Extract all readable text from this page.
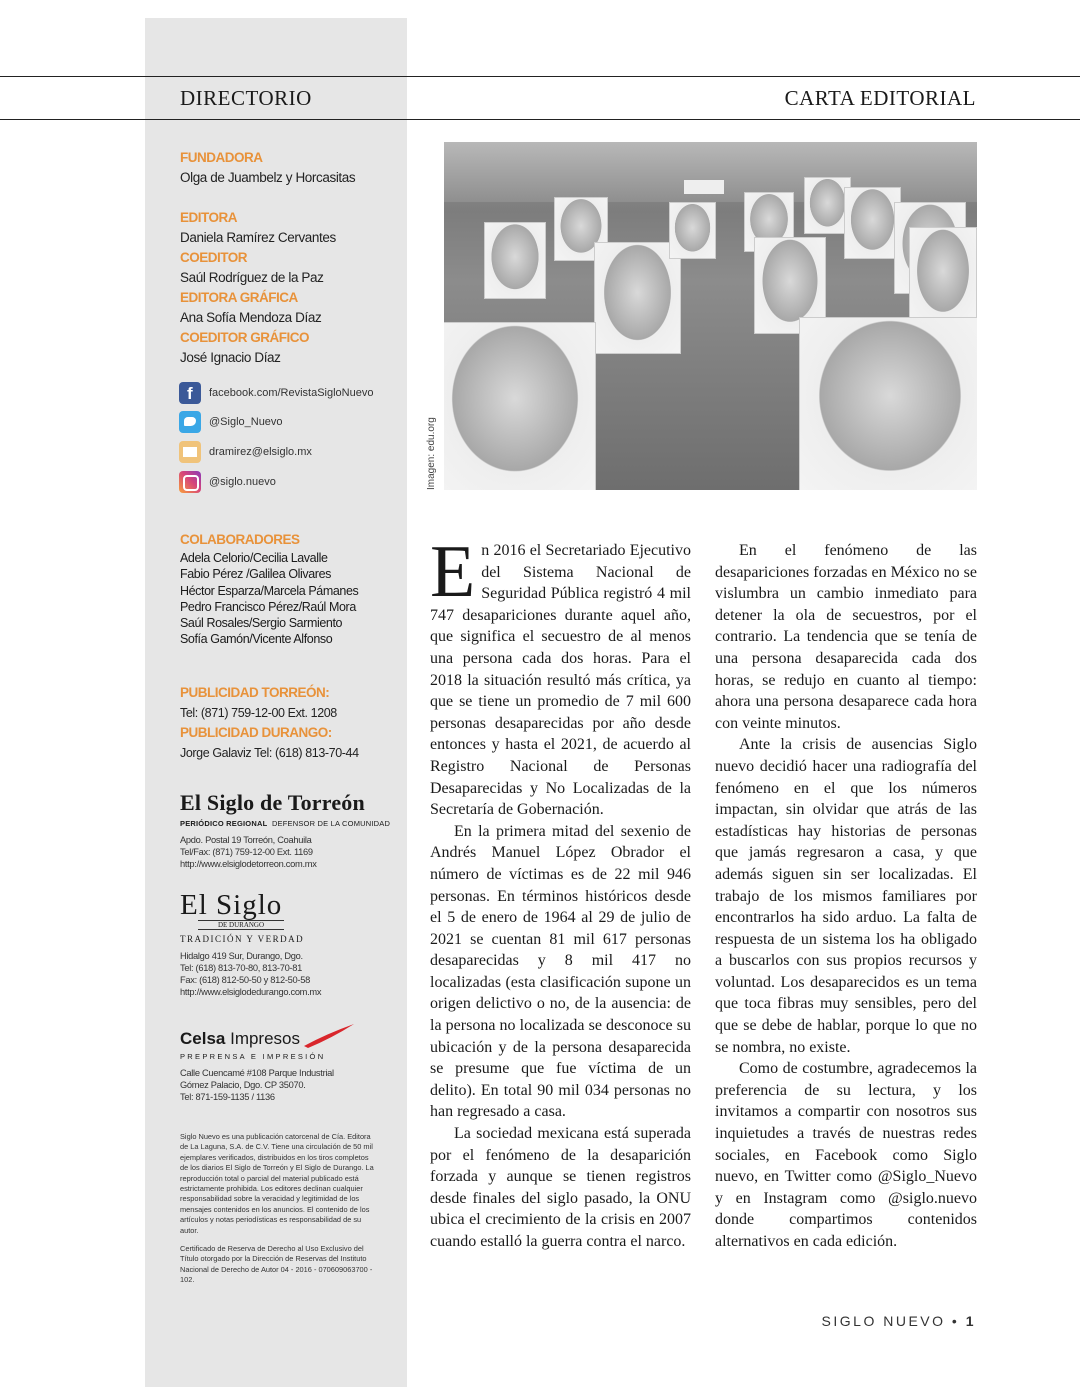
DIRECTORIO	CARTA EDITORIAL
FUNDADORA
Olga de Juambelz y Horcasitas
EDITORA
Daniela Ramírez Cervantes
COEDITOR
Saúl Rodríguez de la Paz
EDITORA GRÁFICA
Ana Sofía Mendoza Díaz
COEDITOR GRÁFICO
José Ignacio Díaz
f facebook.com/RevistaSigloNuevo
@Siglo_Nuevo
dramirez@elsiglo.mx
@siglo.nuevo
COLABORADORES
Adela Celorio/Cecilia Lavalle
Fabio Pérez /Galilea Olivares
Héctor Esparza/Marcela Pámanes
Pedro Francisco Pérez/Raúl Mora
Saúl Rosales/Sergio Sarmiento
Sofía Gamón/Vicente Alfonso
PUBLICIDAD TORREÓN:
Tel: (871) 759-12-00 Ext. 1208
PUBLICIDAD DURANGO:
Jorge Galaviz Tel: (618) 813-70-44
El Siglo de Torreón
PERIÓDICO REGIONAL DEFENSOR DE LA COMUNIDAD
Apdo. Postal 19 Torreón, Coahuila
Tel/Fax: (871) 759-12-00 Ext. 1169
http://www.elsiglodetorreon.com.mx
El Siglo
DE DURANGO
TRADICIÓN Y VERDAD
Hidalgo 419 Sur, Durango, Dgo.
Tel: (618) 813-70-80, 813-70-81
Fax: (618) 812-50-50 y 812-50-58
http://www.elsiglodedurango.com.mx
Celsa Impresos
PREPRENSA E IMPRESIÓN
Calle Cuencamé #108 Parque Industrial
Gómez Palacio, Dgo. CP 35070.
Tel: 871-159-1135 / 1136
Siglo Nuevo es una publicación catorcenal de Cía. Editora de La Laguna, S.A. de C.V. Tiene una circulación de 50 mil ejemplares verificados, distribuidos en los tiros completos de los diarios El Siglo de Torreón y El Siglo de Durango. La reproducción total o parcial del material publicado está estrictamente prohibida. Los editores declinan cualquier responsabilidad sobre la veracidad y legitimidad de los mensajes contenidos en los anuncios. El contenido de los artículos y notas periodísticas es responsabilidad de su autor.
Certificado de Reserva de Derecho al Uso Exclusivo del Título otorgado por la Dirección de Reservas del Instituto Nacional de Derecho de Autor 04 - 2016 - 070609063700 - 102.
Imagen: edu.org

En 2016 el Secretariado Ejecutivo del Sistema Nacional de Seguridad Pública registró 4 mil 747 desapariciones durante aquel año, que significa el secuestro de al menos una persona cada dos horas. Para el 2018 la situación resultó más crítica, ya que se tiene un promedio de 7 mil 600 personas desaparecidas por año desde entonces y hasta el 2021, de acuerdo al Registro Nacional de Personas Desaparecidas y No Localizadas de la Secretaría de Gobernación.

En la primera mitad del sexenio de Andrés Manuel López Obrador el número de víctimas es de 22 mil 946 personas. En términos históricos desde el 5 de enero de 1964 al 29 de julio de 2021 se cuentan 81 mil 617 personas desaparecidas y 8 mil 417 no localizadas (esta clasificación supone un origen delictivo o no, de la ausencia: de la persona no localizada se desconoce su ubicación y de la persona desaparecida se presume que fue víctima de un delito). En total 90 mil 034 personas no han regresado a casa.

La sociedad mexicana está superada por el fenómeno de la desaparición forzada y aunque se tienen registros desde finales del siglo pasado, la ONU ubica el crecimiento de la crisis en 2007 cuando estalló la guerra contra el narco.

En el fenómeno de las desapariciones forzadas en México no se vislumbra un cambio inmediato para detener la ola de secuestros, por el contrario. La tendencia que se tenía de una persona desaparecida cada dos horas, se redujo en cuanto al tiempo: ahora una persona desaparece cada hora con veinte minutos.

Ante la crisis de ausencias Siglo nuevo decidió hacer una radiografía del fenómeno en el que los números impactan, sin olvidar que atrás de las estadísticas hay historias de personas que jamás regresaron a casa, y que además siguen sin ser localizadas. El trabajo de los mismos familiares por encontrarlos ha sido arduo. La falta de respuesta de un sistema los ha obligado a buscarlos con sus propios recursos y voluntad. Los desaparecidos es un tema que toca fibras muy sensibles, pero del que se debe de hablar, porque lo que no se nombra, no existe.

Como de costumbre, agradecemos la preferencia de su lectura, y los invitamos a compartir con nosotros sus inquietudes a través de nuestras redes sociales, en Facebook como Siglo nuevo, en Twitter como @Siglo_Nuevo y en Instagram como @siglo.nuevo donde compartimos contenidos alternativos en cada edición.

SIGLO NUEVO • 1
